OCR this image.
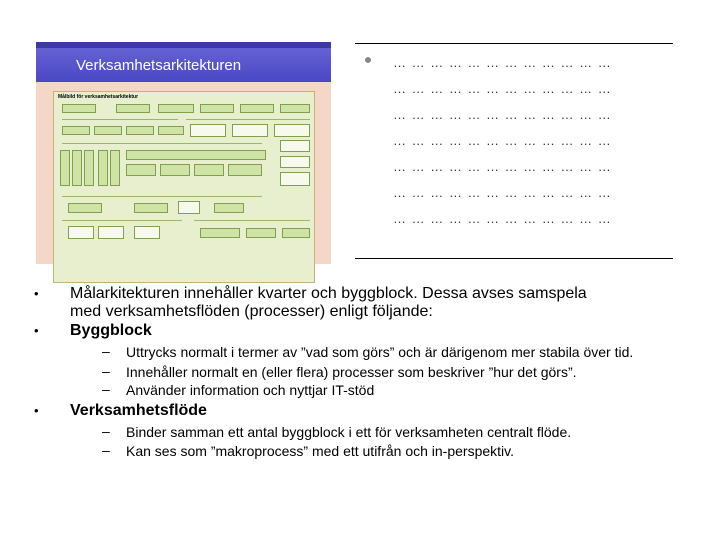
Verksamhetsarkitekturen
Målbild för verksamhetsarkitektur
… … … … … … … … … … … …
… … … … … … … … … … … …
… … … … … … … … … … … …
… … … … … … … … … … … …
… … … … … … … … … … … …
… … … … … … … … … … … …
… … … … … … … … … … … …
• Målarkitekturen innehåller kvarter och byggblock. Dessa avses samspela
med verksamhetsflöden (processer) enligt följande:
• Byggblock
– Uttrycks normalt i termer av ”vad som görs” och är därigenom mer stabila över tid.
– Innehåller normalt en (eller flera) processer som beskriver ”hur det görs”.
– Använder information och nyttjar IT-stöd
• Verksamhetsflöde
– Binder samman ett antal byggblock i ett för verksamheten centralt flöde.
– Kan ses som ”makroprocess” med ett utifrån och in-perspektiv.
